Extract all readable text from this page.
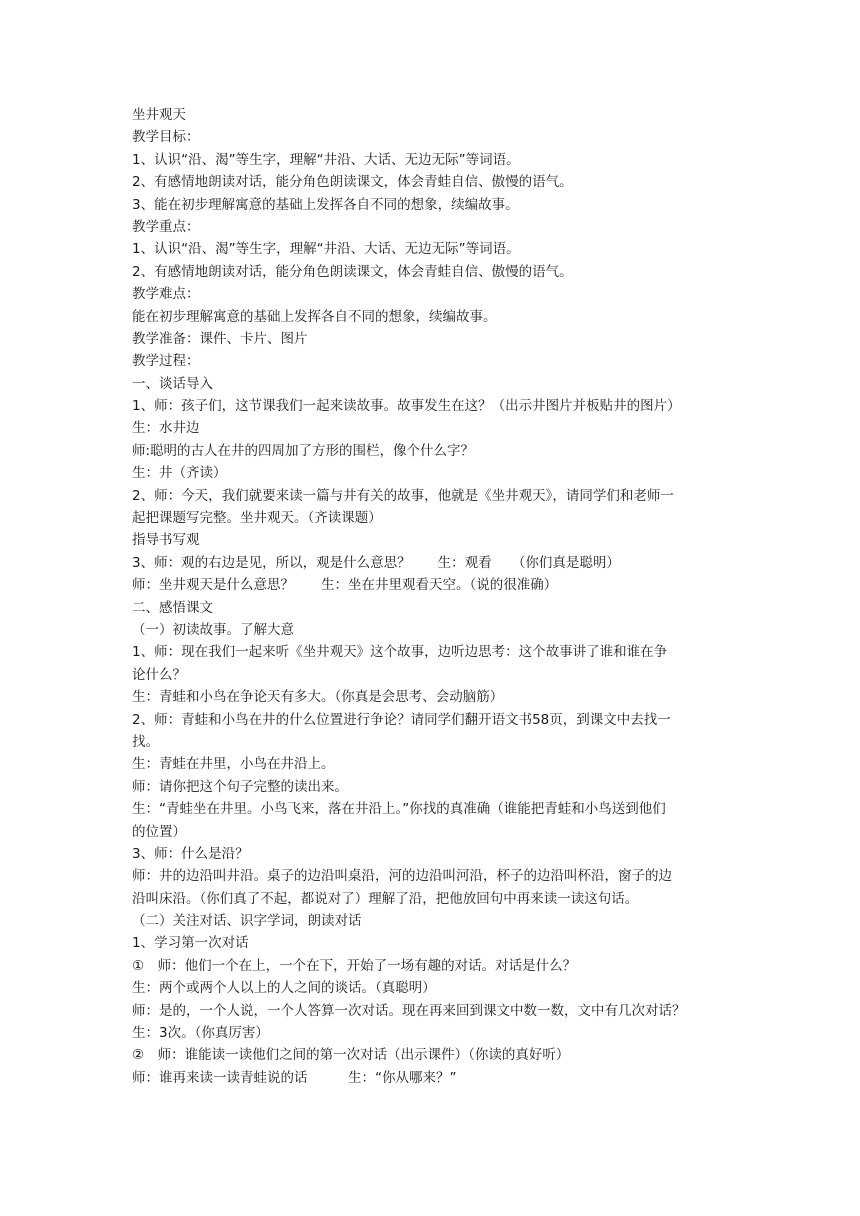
坐井观天
教学目标：
1、认识“沿、渴”等生字，理解“井沿、大话、无边无际”等词语。
2、有感情地朗读对话，能分角色朗读课文，体会青蛙自信、傲慢的语气。
3、能在初步理解寓意的基础上发挥各自不同的想象，续编故事。
教学重点：
1、认识“沿、渴”等生字，理解“井沿、大话、无边无际”等词语。
2、有感情地朗读对话，能分角色朗读课文，体会青蛙自信、傲慢的语气。
教学难点：
能在初步理解寓意的基础上发挥各自不同的想象，续编故事。
教学准备：课件、卡片、图片
教学过程：
一、谈话导入
1、师：孩子们，这节课我们一起来读故事。故事发生在这？（出示井图片并板贴井的图片）
生：水井边
师:聪明的古人在井的四周加了方形的围栏，像个什么字？
生：井（齐读）
2、师：今天，我们就要来读一篇与井有关的故事，他就是《坐井观天》，请同学们和老师一
起把课题写完整。坐井观天。（齐读课题）
指导书写观
3、师：观的右边是见，所以，观是什么意思？　　生：观看　　（你们真是聪明）
师：坐井观天是什么意思？　　生：坐在井里观看天空。（说的很准确）
二、感悟课文
（一）初读故事。了解大意
1、师：现在我们一起来听《坐井观天》这个故事，边听边思考：这个故事讲了谁和谁在争
论什么？
生：青蛙和小鸟在争论天有多大。（你真是会思考、会动脑筋）
2、师：青蛙和小鸟在井的什么位置进行争论？请同学们翻开语文书58页，到课文中去找一
找。
生：青蛙在井里，小鸟在井沿上。
师：请你把这个句子完整的读出来。
生：“青蛙坐在井里。小鸟飞来，落在井沿上。”你找的真准确（谁能把青蛙和小鸟送到他们
的位置）
3、师：什么是沿？
师：井的边沿叫井沿。桌子的边沿叫桌沿，河的边沿叫河沿，杯子的边沿叫杯沿，窗子的边
沿叫床沿。（你们真了不起，都说对了）理解了沿，把他放回句中再来读一读这句话。
（二）关注对话、识字学词，朗读对话
1、学习第一次对话
①　师：他们一个在上，一个在下，开始了一场有趣的对话。对话是什么？
生：两个或两个人以上的人之间的谈话。（真聪明）
师：是的，一个人说，一个人答算一次对话。现在再来回到课文中数一数，文中有几次对话？
生：3次。（你真厉害）
②　师：谁能读一读他们之间的第一次对话（出示课件）（你读的真好听）
师：谁再来读一读青蛙说的话　　　生：“你从哪来？”
